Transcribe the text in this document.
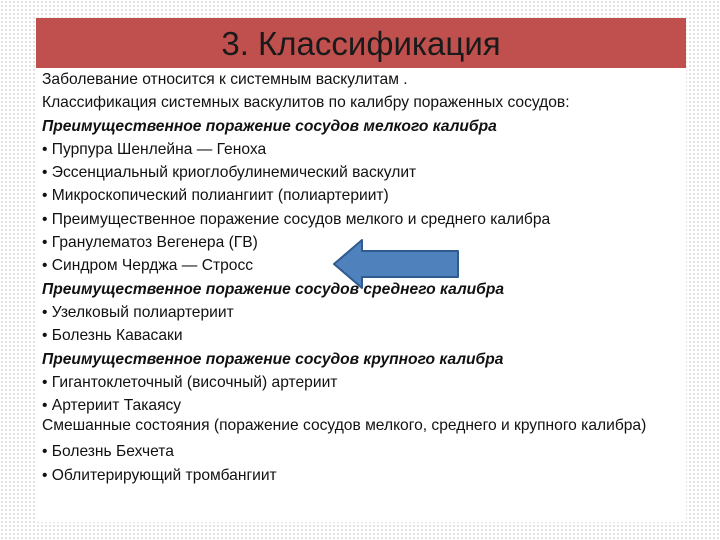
3. Классификация
Заболевание относится к системным васкулитам .
Классификация системных васкулитов по калибру пораженных сосудов:
Преимущественное поражение сосудов мелкого калибра
• Пурпура Шенлейна — Геноха
• Эссенциальный криоглобулинемический васкулит
• Микроскопический полиангиит (полиартериит)
• Преимущественное поражение сосудов мелкого и среднего калибра
• Гранулематоз Вегенера (ГВ)
• Синдром Черджа — Стросс
Преимущественное поражение сосудов среднего калибра
• Узелковый полиартериит
• Болезнь Кавасаки
Преимущественное поражение сосудов крупного калибра
• Гигантоклеточный (височный) артериит
• Артериит Такаясу
Смешанные состояния (поражение сосудов мелкого, среднего и крупного калибра)
• Болезнь Бехчета
• Облитерирующий тромбангиит
